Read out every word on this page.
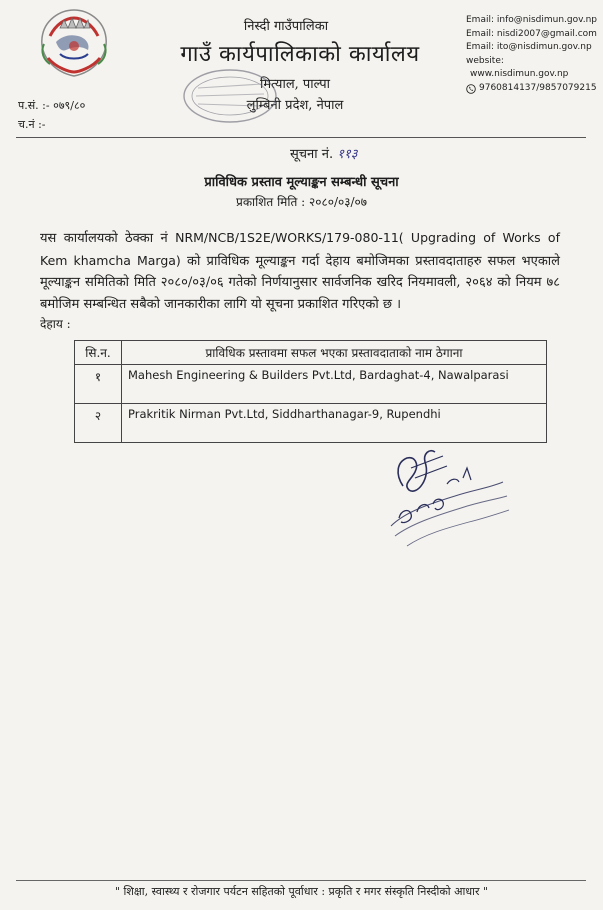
निस्दी गाउँपालिका
गाउँ कार्यपालिकाको कार्यालय
मित्याल, पाल्पा
लुम्बिनी प्रदेश, नेपाल
Email: info@nisdimun.gov.np
Email: nisdi2007@gmail.com
Email: ito@nisdimun.gov.np
website:
www.nisdimun.gov.np
9760814137/9857079215
प.सं. :- ०७९/८०
च.नं :-
सूचना नं. ११३
प्राविधिक प्रस्ताव मूल्याङ्कन सम्बन्धी सूचना
प्रकाशित मिति : २०८०/०३/०७
यस कार्यालयको ठेक्का नं NRM/NCB/1S2E/WORKS/179-080-11( Upgrading of Works of Kem khamcha Marga) को प्राविधिक मूल्याङ्कन गर्दा देहाय बमोजिमका प्रस्तावदाताहरु सफल भएकाले मूल्याङ्कन समितिको मिति २०८०/०३/०६ गतेको निर्णयानुसार सार्वजनिक खरिद नियमावली, २०६४ को नियम ७८ बमोजिम सम्बन्धित सबैको जानकारीका लागि यो सूचना प्रकाशित गरिएको छ ।
देहाय :
सि.न.	प्राविधिक प्रस्तावमा सफल भएका प्रस्तावदाताको नाम ठेगाना
१	Mahesh Engineering & Builders Pvt.Ltd, Bardaghat-4, Nawalparasi
२	Prakritik Nirman Pvt.Ltd, Siddharthanagar-9, Rupendhi
" शिक्षा, स्वास्थ्य र रोजगार पर्यटन सहितको पूर्वाधार : प्रकृति र मगर संस्कृति निस्दीको आधार "
